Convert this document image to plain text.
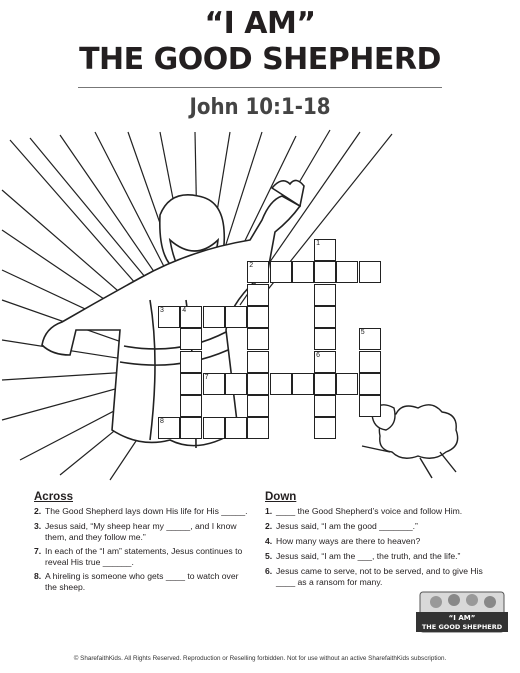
“I AM”
THE GOOD SHEPHERD
John 10:1-18
1
6
2
3	4
5
7
8
Across	Down
2. The Good Shepherd lays down His life for His _____.
3. Jesus said, “My sheep hear my _____, and I know them, and they follow me.”
7. In each of the “I am” statements, Jesus continues to reveal His true ______.
8. A hireling is someone who gets ____ to watch over the sheep.
1. ____ the Good Shepherd’s voice and follow Him.
2. Jesus said, “I am the good _______.”
4. How many ways are there to heaven?
5. Jesus said, “I am the ___, the truth, and the life.”
6. Jesus came to serve, not to be served, and to give His ____ as a ransom for many.
“I AM”
THE GOOD SHEPHERD
© SharefaithKids. All Rights Reserved. Reproduction or Reselling forbidden. Not for use without an active SharefaithKids subscription.
